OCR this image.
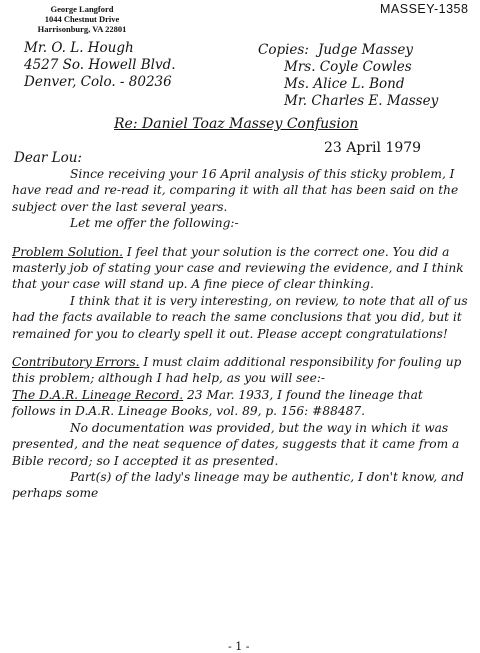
George Langford
1044 Chestnut Drive
Harrisonburg, VA 22801
MASSEY-1358
Mr. O. L. Hough
4527 So. Howell Blvd.
Denver, Colo. - 80236
Copies: Judge Massey
Mrs. Coyle Cowles
Ms. Alice L. Bond
Mr. Charles E. Massey
Re: Daniel Toaz Massey Confusion
23 April 1979
Dear Lou:

Since receiving your 16 April analysis of this sticky problem, I have read and re-read it, comparing it with all that has been said on the subject over the last several years.

Let me offer the following:-

Problem Solution. I feel that your solution is the correct one. You did a masterly job of stating your case and reviewing the evidence, and I think that your case will stand up. A fine piece of clear thinking.

I think that it is very interesting, on review, to note that all of us had the facts available to reach the same conclusions that you did, but it remained for you to clearly spell it out. Please accept congratulations!

Contributory Errors. I must claim additional responsibility for fouling up this problem; although I had help, as you will see:-

The D.A.R. Lineage Record. 23 Mar. 1933, I found the lineage that follows in D.A.R. Lineage Books, vol. 89, p. 156: #88487.

No documentation was provided, but the way in which it was presented, and the neat sequence of dates, suggests that it came from a Bible record; so I accepted it as presented.

Part(s) of the lady's lineage may be authentic, I don't know, and perhaps some

- 1 -
